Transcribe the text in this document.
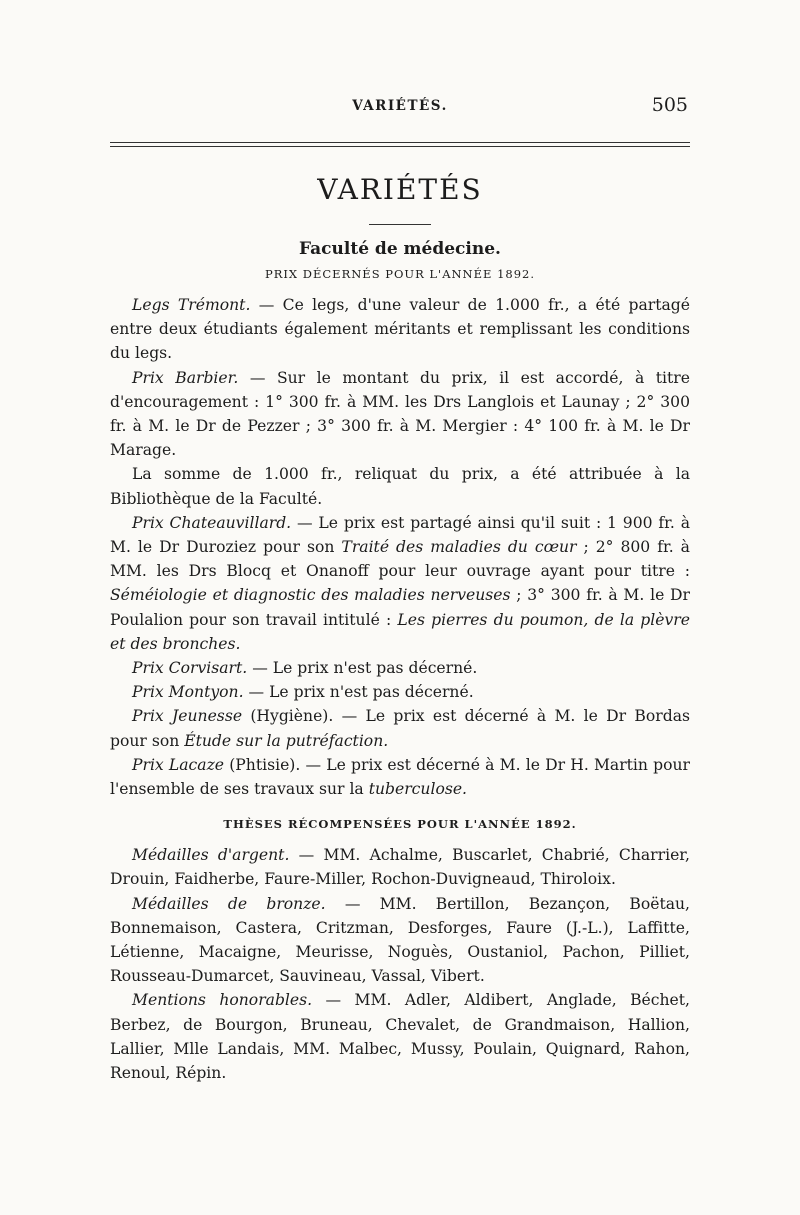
VARIÉTÉS.	505
VARIÉTÉS
Faculté de médecine.
PRIX DÉCERNÉS POUR L'ANNÉE 1892.

Legs Trémont. — Ce legs, d'une valeur de 1.000 fr., a été partagé entre deux étudiants également méritants et remplissant les conditions du legs.

Prix Barbier. — Sur le montant du prix, il est accordé, à titre d'encouragement : 1° 300 fr. à MM. les Drs Langlois et Launay ; 2° 300 fr. à M. le Dr de Pezzer ; 3° 300 fr. à M. Mergier : 4° 100 fr. à M. le Dr Marage.

La somme de 1.000 fr., reliquat du prix, a été attribuée à la Bibliothèque de la Faculté.

Prix Chateauvillard. — Le prix est partagé ainsi qu'il suit : 1 900 fr. à M. le Dr Duroziez pour son Traité des maladies du cœur ; 2° 800 fr. à MM. les Drs Blocq et Onanoff pour leur ouvrage ayant pour titre : Séméiologie et diagnostic des maladies nerveuses ; 3° 300 fr. à M. le Dr Poulalion pour son travail intitulé : Les pierres du poumon, de la plèvre et des bronches.

Prix Corvisart. — Le prix n'est pas décerné.

Prix Montyon. — Le prix n'est pas décerné.

Prix Jeunesse (Hygiène). — Le prix est décerné à M. le Dr Bordas pour son Étude sur la putréfaction.

Prix Lacaze (Phtisie). — Le prix est décerné à M. le Dr H. Martin pour l'ensemble de ses travaux sur la tuberculose.

THÈSES RÉCOMPENSÉES POUR L'ANNÉE 1892.

Médailles d'argent. — MM. Achalme, Buscarlet, Chabrié, Charrier, Drouin, Faidherbe, Faure-Miller, Rochon-Duvigneaud, Thiroloix.

Médailles de bronze. — MM. Bertillon, Bezançon, Boëtau, Bonnemaison, Castera, Critzman, Desforges, Faure (J.-L.), Laffitte, Létienne, Macaigne, Meurisse, Noguès, Oustaniol, Pachon, Pilliet, Rousseau-Dumarcet, Sauvineau, Vassal, Vibert.

Mentions honorables. — MM. Adler, Aldibert, Anglade, Béchet, Berbez, de Bourgon, Bruneau, Chevalet, de Grandmaison, Hallion, Lallier, Mlle Landais, MM. Malbec, Mussy, Poulain, Quignard, Rahon, Renoul, Répin.
